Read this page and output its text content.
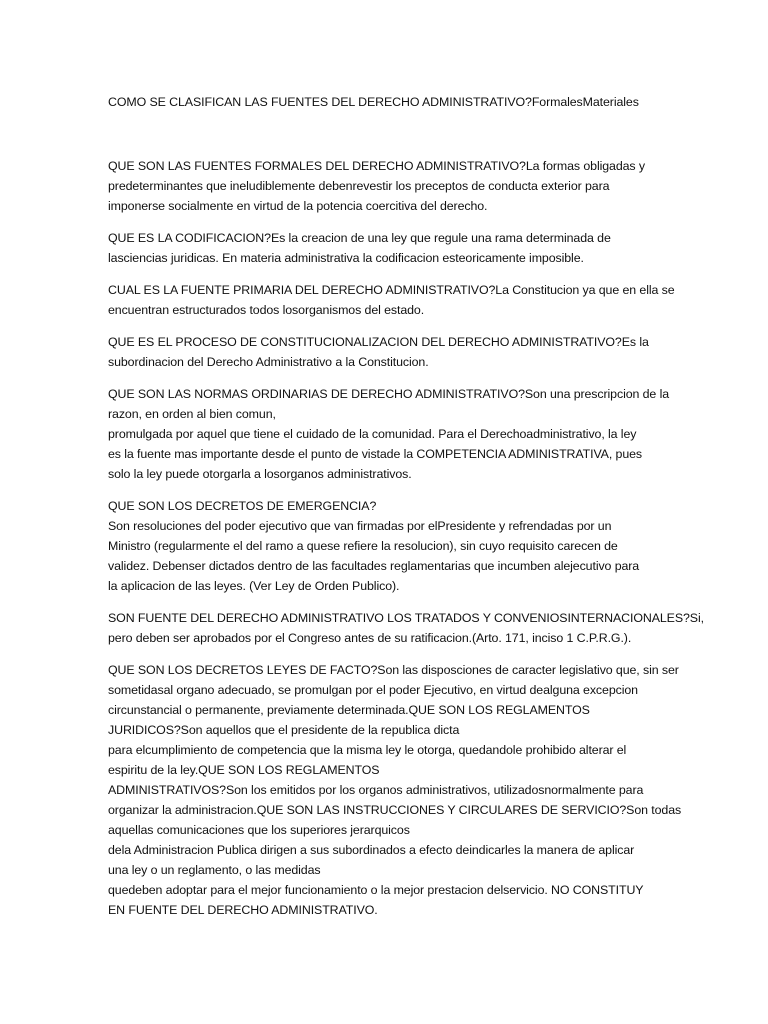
COMO SE CLASIFICAN LAS FUENTES DEL DERECHO ADMINISTRATIVO?FormalesMateriales

QUE SON LAS FUENTES FORMALES DEL DERECHO ADMINISTRATIVO?La formas obligadas y
predeterminantes que ineludiblemente debenrevestir los preceptos de conducta exterior para
imponerse socialmente en virtud de la potencia coercitiva del derecho.

QUE ES LA CODIFICACION?Es la creacion de una ley que regule una rama determinada de
lasciencias juridicas. En materia administrativa la codificacion esteoricamente imposible.

CUAL ES LA FUENTE PRIMARIA DEL DERECHO ADMINISTRATIVO?La Constitucion ya que en ella se
encuentran estructurados todos losorganismos del estado.

QUE ES EL PROCESO DE CONSTITUCIONALIZACION DEL DERECHO ADMINISTRATIVO?Es la
subordinacion del Derecho Administrativo a la Constitucion.

QUE SON LAS NORMAS ORDINARIAS DE DERECHO ADMINISTRATIVO?Son una prescripcion de la
razon, en orden al bien comun,
promulgada por aquel que tiene el cuidado de la comunidad. Para el Derechoadministrativo, la ley
es la fuente mas importante desde el punto de vistade la COMPETENCIA ADMINISTRATIVA, pues
solo la ley puede otorgarla a losorganos administrativos.

QUE SON LOS DECRETOS DE EMERGENCIA?
Son resoluciones del poder ejecutivo que van firmadas por elPresidente y refrendadas por un
Ministro (regularmente el del ramo a quese refiere la resolucion), sin cuyo requisito carecen de
validez. Debenser dictados dentro de las facultades reglamentarias que incumben alejecutivo para
la aplicacion de las leyes. (Ver Ley de Orden Publico).

SON FUENTE DEL DERECHO ADMINISTRATIVO LOS TRATADOS Y CONVENIOSINTERNACIONALES?Si,
pero deben ser aprobados por el Congreso antes de su ratificacion.(Arto. 171, inciso 1 C.P.R.G.).

QUE SON LOS DECRETOS LEYES DE FACTO?Son las disposciones de caracter legislativo que, sin ser
sometidasal organo adecuado, se promulgan por el poder Ejecutivo, en virtud dealguna excepcion
circunstancial o permanente, previamente determinada.QUE SON LOS REGLAMENTOS
JURIDICOS?Son aquellos que el presidente de la republica dicta
para elcumplimiento de competencia que la misma ley le otorga, quedandole prohibido alterar el
espiritu de la ley.QUE SON LOS REGLAMENTOS
ADMINISTRATIVOS?Son los emitidos por los organos administrativos, utilizadosnormalmente para
organizar la administracion.QUE SON LAS INSTRUCCIONES Y CIRCULARES DE SERVICIO?Son todas
aquellas comunicaciones que los superiores jerarquicos
dela Administracion Publica dirigen a sus subordinados a efecto deindicarles la manera de aplicar
una ley o un reglamento, o las medidas
quedeben adoptar para el mejor funcionamiento o la mejor prestacion delservicio. NO CONSTITUY
EN FUENTE DEL DERECHO ADMINISTRATIVO.
